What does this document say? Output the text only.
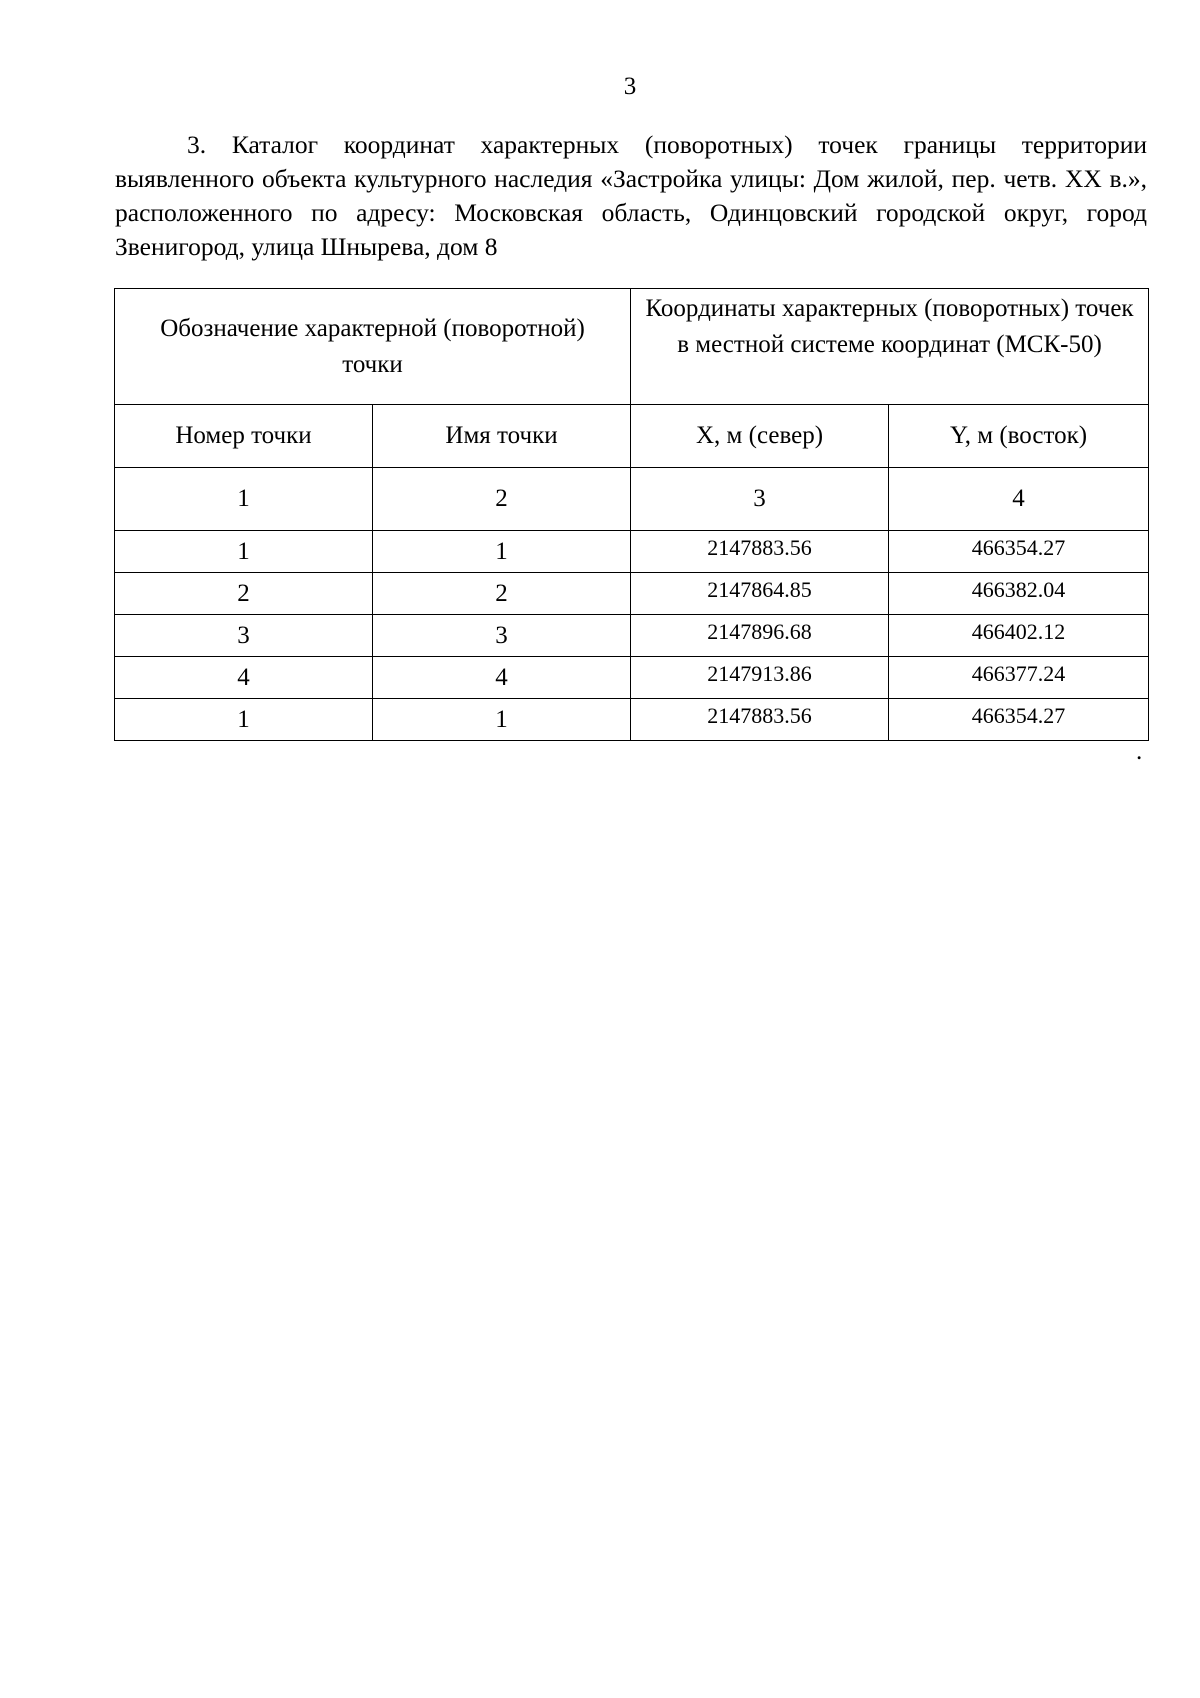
3

3. Каталог координат характерных (поворотных) точек границы территории выявленного объекта культурного наследия «Застройка улицы: Дом жилой, пер. четв. XX в.», расположенного по адресу: Московская область, Одинцовский городской округ, город Звенигород, улица Шнырева, дом 8

Обозначение характерной (поворотной) точки		Координаты характерных (поворотных) точек в местной системе координат (МСК-50)	
Номер точки	Имя точки	X, м (север)	Y, м (восток)
1	2	3	4
1	1	2147883.56	466354.27
2	2	2147864.85	466382.04
3	3	2147896.68	466402.12
4	4	2147913.86	466377.24
1	1	2147883.56	466354.27
.
